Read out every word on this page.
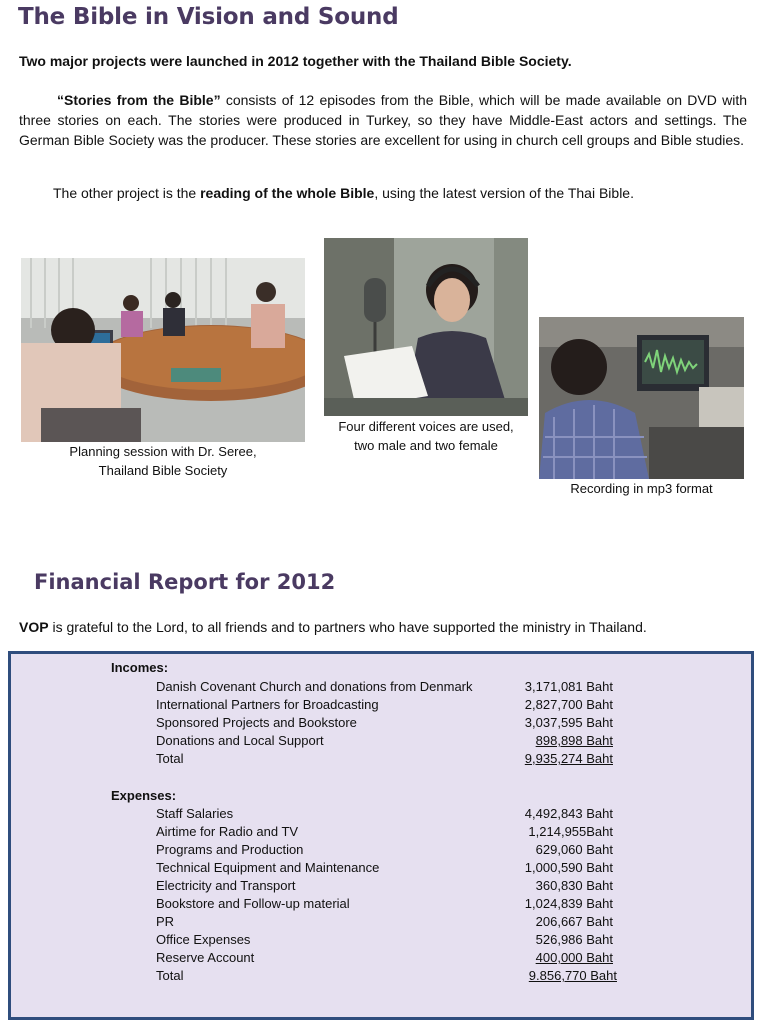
The Bible in Vision and Sound
Two major projects were launched in 2012 together with the Thailand Bible Society.
“Stories from the Bible” consists of 12 episodes from the Bible, which will be made available on DVD with three stories on each. The stories were produced in Turkey, so they have Middle-East actors and settings. The German Bible Society was the producer. These stories are excellent for using in church cell groups and Bible studies.
The other project is the reading of the whole Bible, using the latest version of the Thai Bible.
Planning session with Dr. Seree,
Thailand Bible Society
Four different voices are used,
two male and two female
Recording in mp3 format
Financial Report for 2012
VOP is grateful to the Lord, to all friends and to partners who have supported the ministry in Thailand.
Incomes:
Danish Covenant Church and donations from Denmark	3,171,081 Baht
International Partners for Broadcasting	2,827,700 Baht
Sponsored Projects and Bookstore	3,037,595 Baht
Donations and Local Support	898,898 Baht
Total	9,935,274 Baht
Expenses:
Staff Salaries	4,492,843 Baht
Airtime for Radio and TV	1,214,955Baht
Programs and Production	629,060 Baht
Technical Equipment and Maintenance	1,000,590 Baht
Electricity and Transport	360,830 Baht
Bookstore and Follow-up material	1,024,839 Baht
PR	206,667 Baht
Office Expenses	526,986 Baht
Reserve Account	400,000 Baht
Total	9.856,770 Baht
